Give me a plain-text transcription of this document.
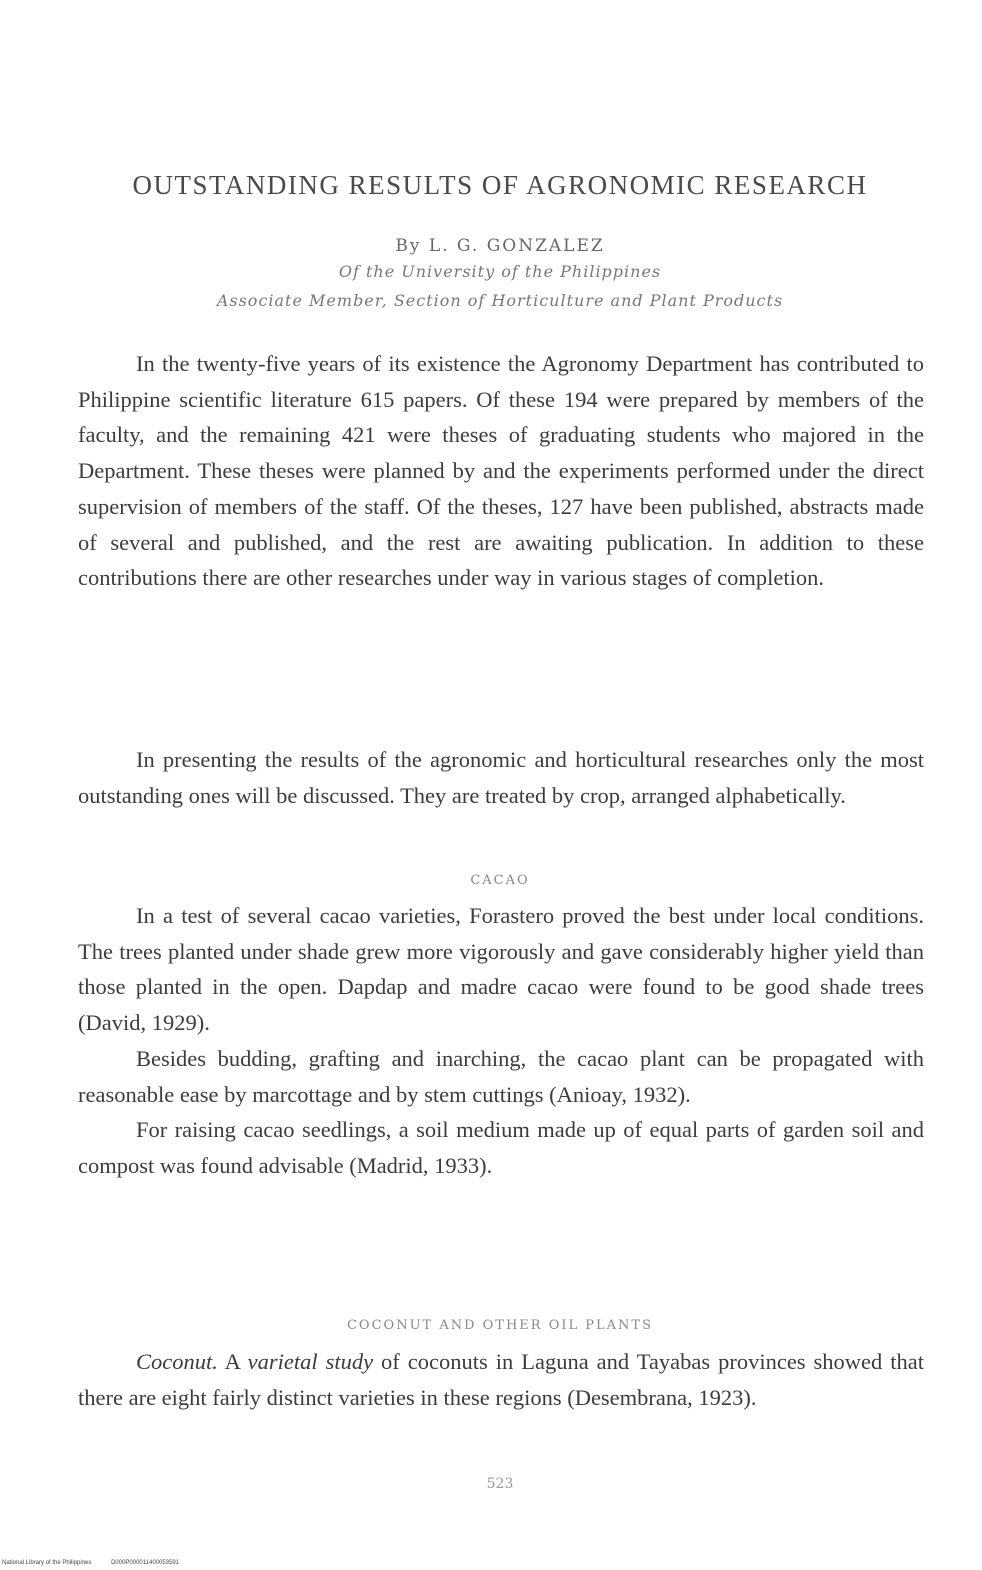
OUTSTANDING RESULTS OF AGRONOMIC RESEARCH
By L. G. GONZALEZ
Of the University of the Philippines
Associate Member, Section of Horticulture and Plant Products

In the twenty-five years of its existence the Agronomy Department has contributed to Philippine scientific literature 615 papers. Of these 194 were prepared by members of the faculty, and the remaining 421 were theses of graduating students who majored in the Department. These theses were planned by and the experiments performed under the direct supervision of members of the staff. Of the theses, 127 have been published, abstracts made of several and published, and the rest are awaiting publication. In addition to these contributions there are other researches under way in various stages of completion.

In presenting the results of the agronomic and horticultural researches only the most outstanding ones will be discussed. They are treated by crop, arranged alphabetically.

CACAO

In a test of several cacao varieties, Forastero proved the best under local conditions. The trees planted under shade grew more vigorously and gave considerably higher yield than those planted in the open. Dapdap and madre cacao were found to be good shade trees (David, 1929).

Besides budding, grafting and inarching, the cacao plant can be propagated with reasonable ease by marcottage and by stem cuttings (Anioay, 1932).

For raising cacao seedlings, a soil medium made up of equal parts of garden soil and compost was found advisable (Madrid, 1933).

COCONUT AND OTHER OIL PLANTS

Coconut. A varietal study of coconuts in Laguna and Tayabas provinces showed that there are eight fairly distinct varieties in these regions (Desembrana, 1923).

523
National Library of the Philippines	D000P000011400053591
